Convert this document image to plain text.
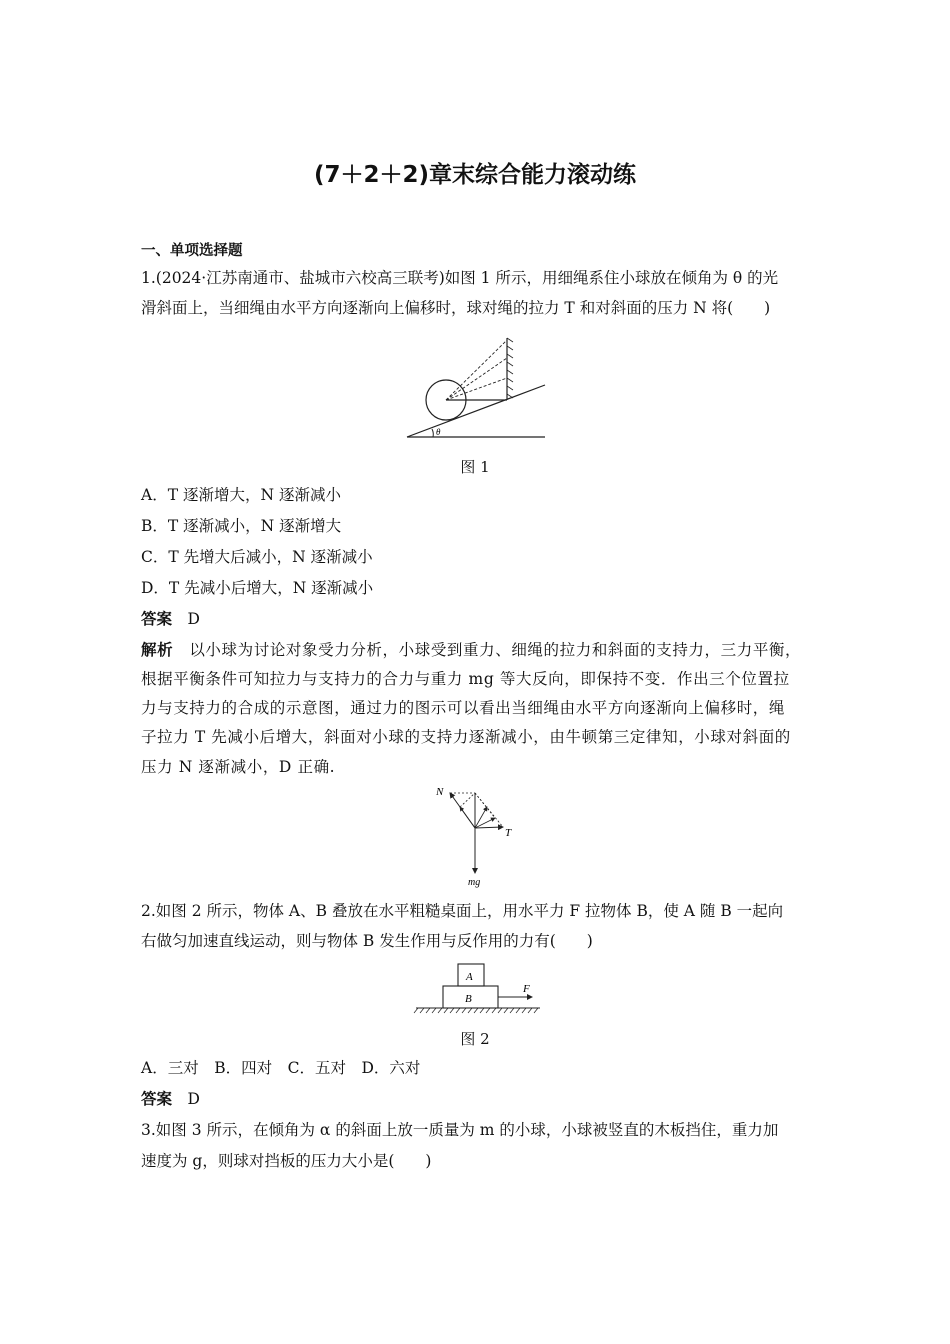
(7＋2＋2)章末综合能力滚动练
一、单项选择题
1.(2024·江苏南通市、盐城市六校高三联考)如图 1 所示，用细绳系住小球放在倾角为 θ 的光
滑斜面上，当细绳由水平方向逐渐向上偏移时，球对绳的拉力 T 和对斜面的压力 N 将(　　)
θ
图 1
A．T 逐渐增大，N 逐渐减小
B．T 逐渐减小，N 逐渐增大
C．T 先增大后减小，N 逐渐减小
D．T 先减小后增大，N 逐渐减小
答案　 D
解析　 以小球为讨论对象受力分析，小球受到重力、细绳的拉力和斜面的支持力，三力平衡，
根据平衡条件可知拉力与支持力的合力与重力 mg 等大反向，即保持不变．作出三个位置拉
力与支持力的合成的示意图，通过力的图示可以看出当细绳由水平方向逐渐向上偏移时，绳
子拉力 T 先减小后增大，斜面对小球的支持力逐渐减小，由牛顿第三定律知，小球对斜面的
压力 N 逐渐减小，D 正确.
N
T
mg
2.如图 2 所示，物体 A、B 叠放在水平粗糙桌面上，用水平力 F 拉物体 B，使 A 随 B 一起向
右做匀加速直线运动，则与物体 B 发生作用与反作用的力有(　　)
A
B
F
图 2
A．三对　B．四对　C．五对　D．六对
答案　 D
3.如图 3 所示，在倾角为 α 的斜面上放一质量为 m 的小球，小球被竖直的木板挡住，重力加
速度为 g，则球对挡板的压力大小是(　　)
